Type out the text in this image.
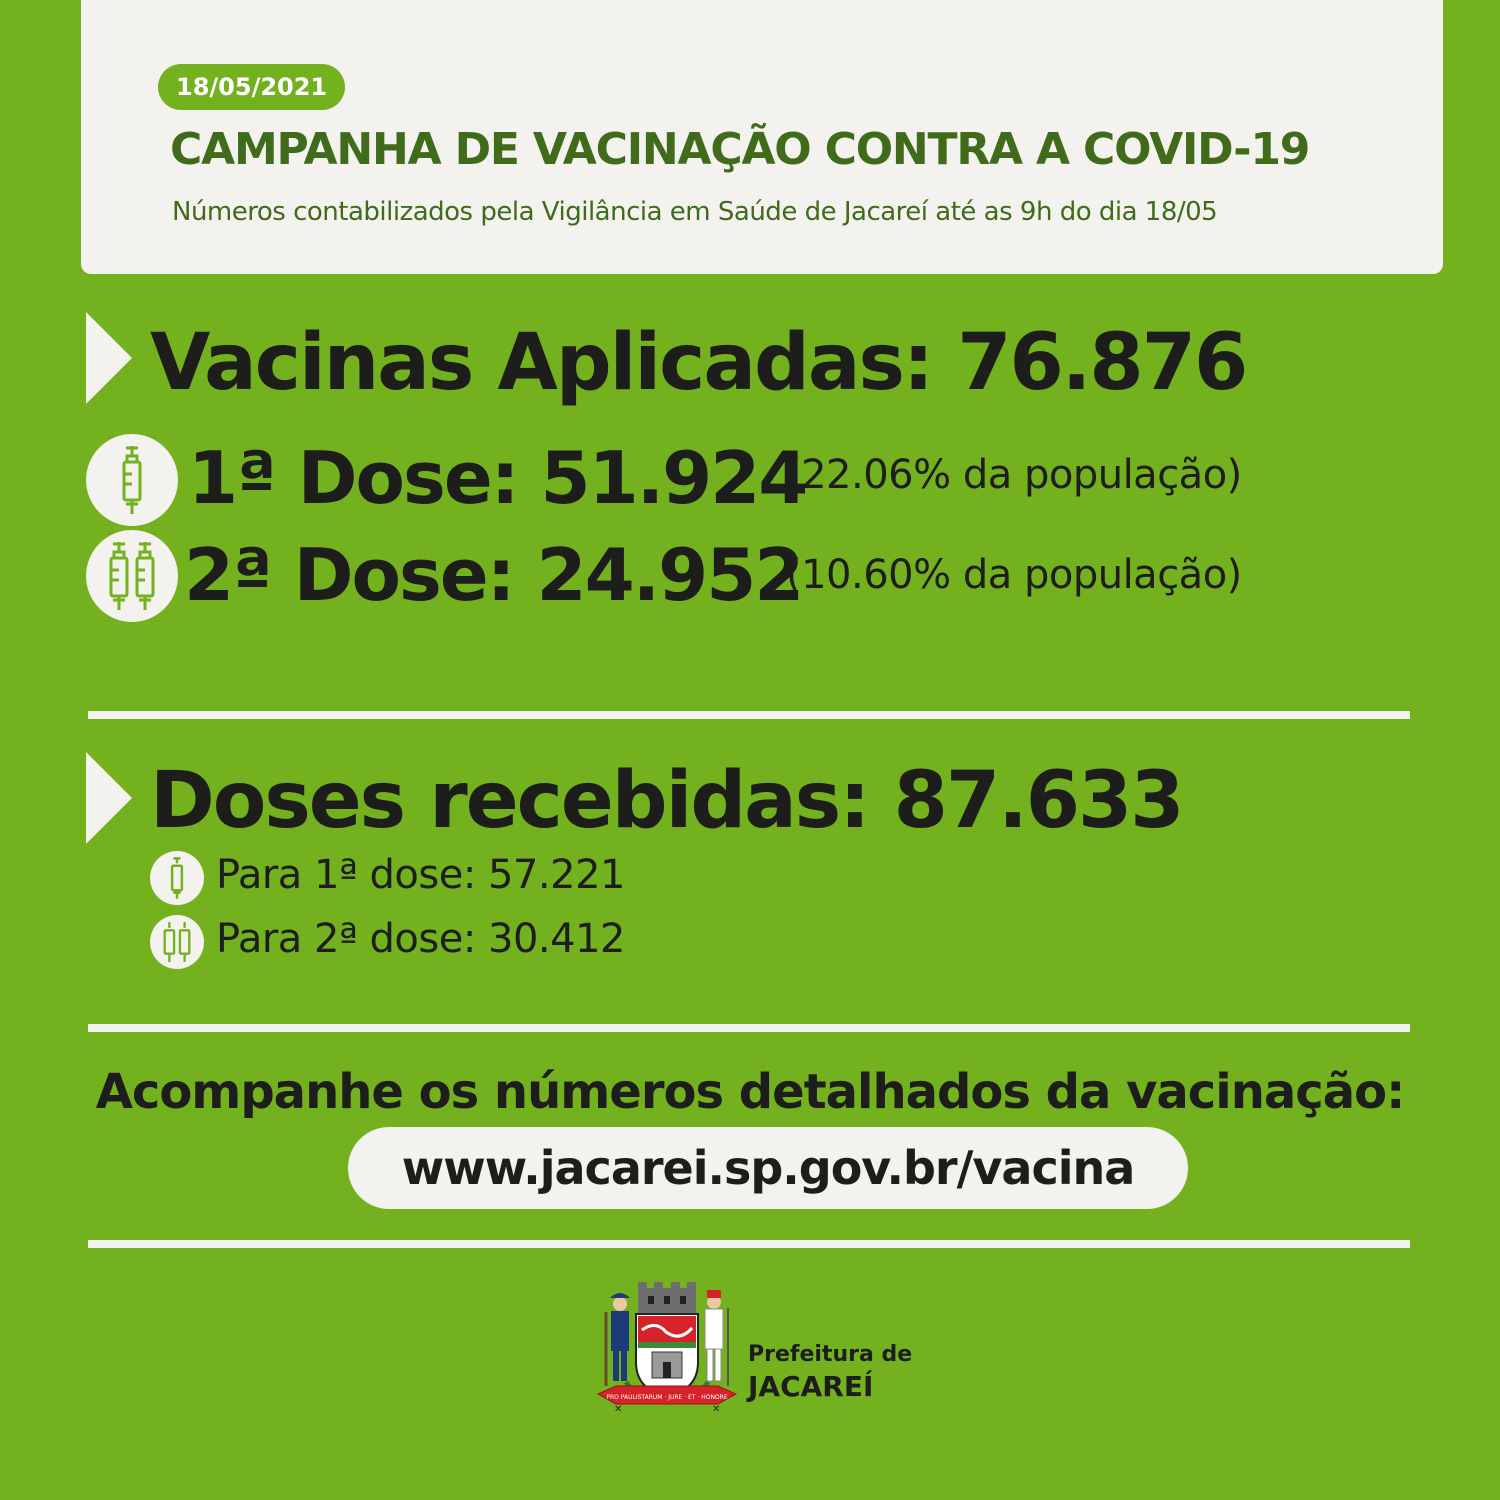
18/05/2021
CAMPANHA DE VACINAÇÃO CONTRA A COVID-19
Números contabilizados pela Vigilância em Saúde de Jacareí até as 9h do dia 18/05
Vacinas Aplicadas: 76.876
1ª Dose: 51.924
(22.06% da população)
2ª Dose: 24.952
(10.60% da população)
Doses recebidas: 87.633
Para 1ª dose: 57.221
Para 2ª dose: 30.412
Acompanhe os números detalhados da vacinação:
www.jacarei.sp.gov.br/vacina
PRO PAULISTARUM · JURE · ET · HONORE
✕	✕
Prefeitura de
JACAREÍ
